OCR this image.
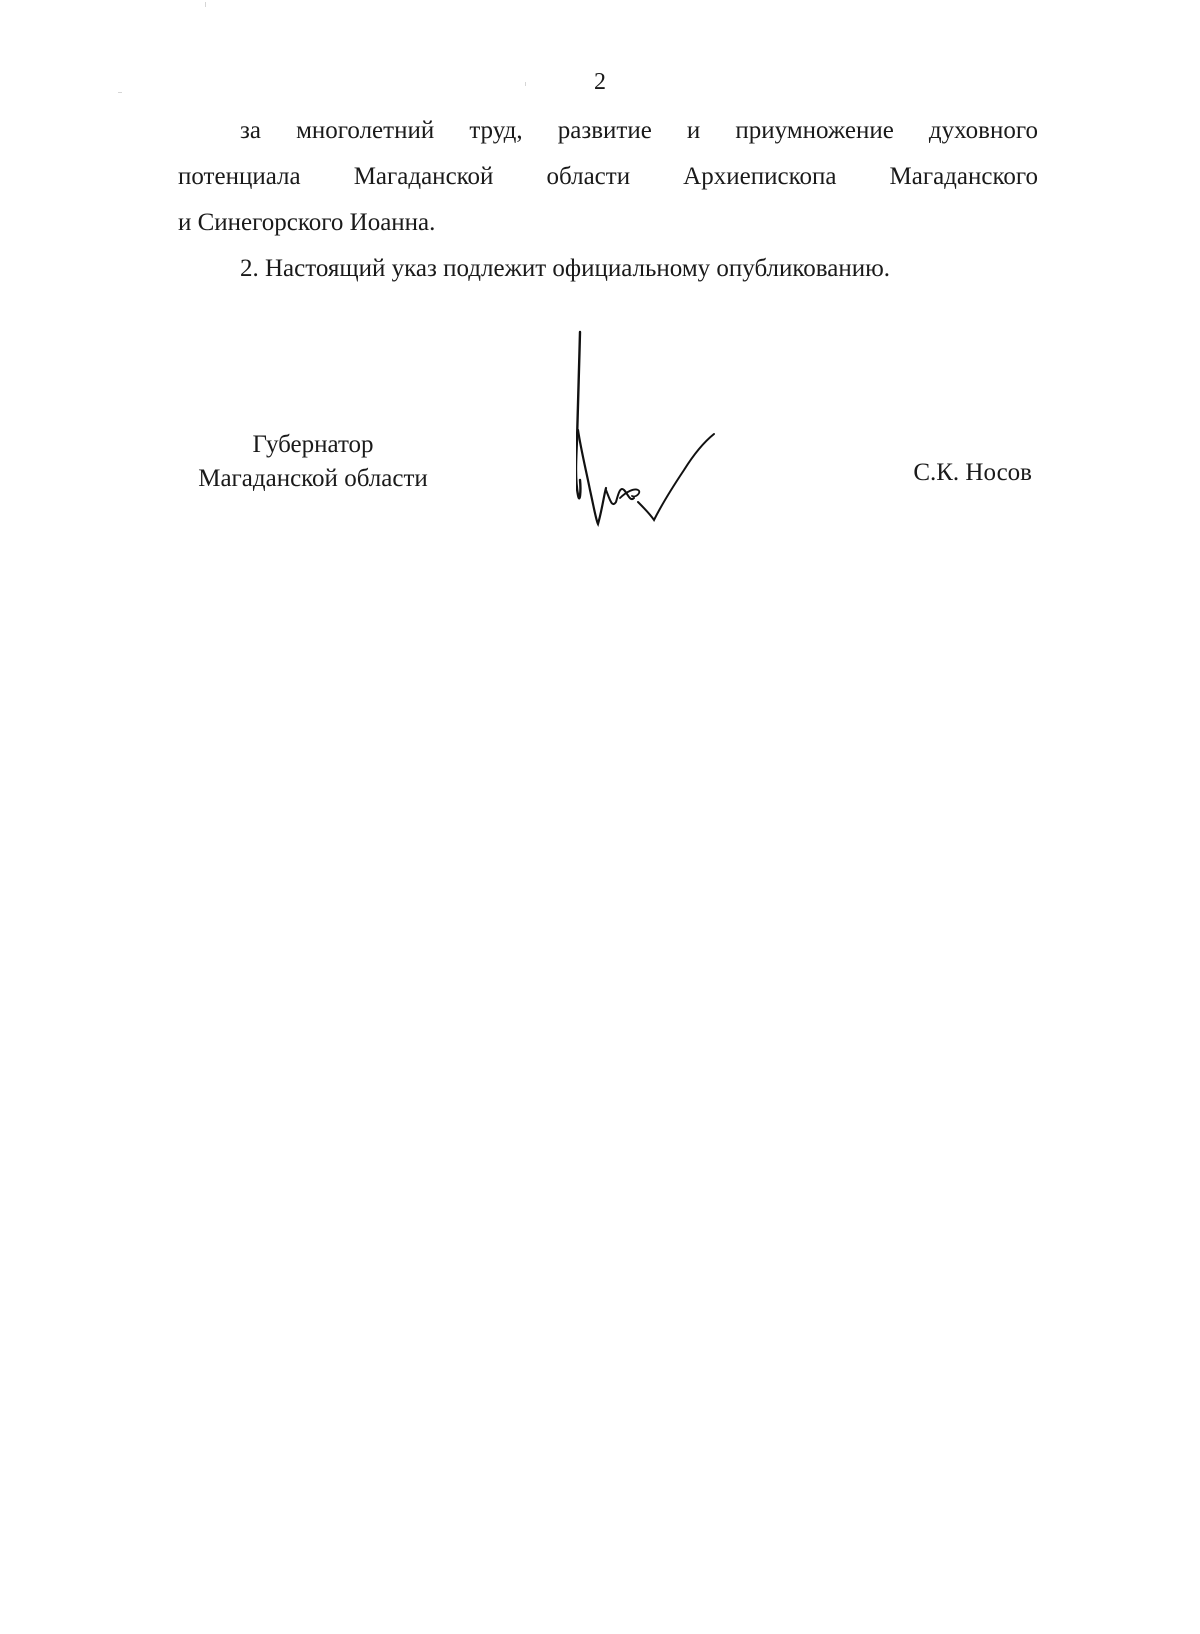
2

за многолетний труд, развитие и приумножение духовного

потенциала Магаданской области Архиепископа Магаданского

и Синегорского Иоанна.

2. Настоящий указ подлежит официальному опубликованию.

Губернатор
Магаданской области	С.К. Носов
